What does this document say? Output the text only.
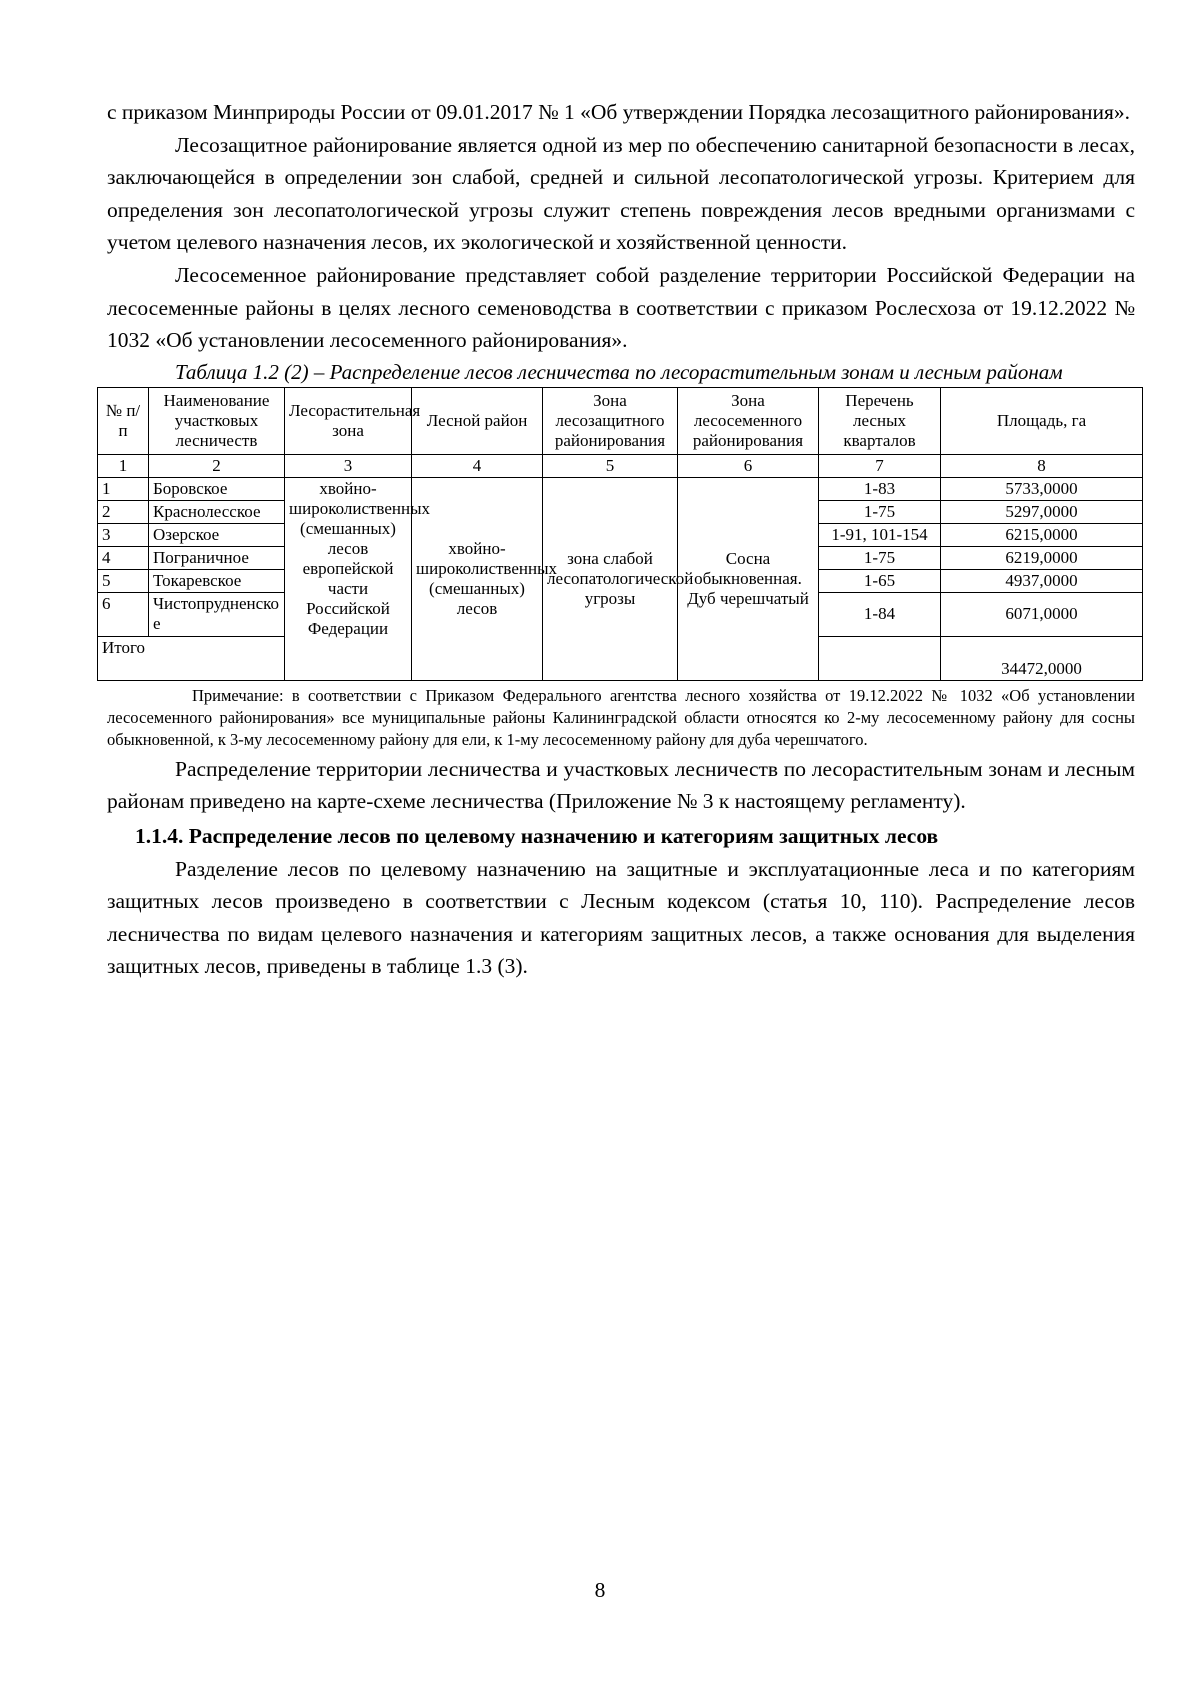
с приказом Минприроды России от 09.01.2017 № 1 «Об утверждении Порядка лесозащитного районирования».

Лесозащитное районирование является одной из мер по обеспечению санитарной безопасности в лесах, заключающейся в определении зон слабой, средней и сильной лесопатологической угрозы. Критерием для определения зон лесопатологической угрозы служит степень повреждения лесов вредными организмами с учетом целевого назначения лесов, их экологической и хозяйственной ценности.

Лесосеменное районирование представляет собой разделение территории Российской Федерации на лесосеменные районы в целях лесного семеноводства в соответствии с приказом Рослесхоза от 19.12.2022 № 1032 «Об установлении лесосеменного районирования».

Таблица 1.2 (2) – Распределение лесов лесничества по лесорастительным зонам и лесным районам
№ п/п	Наименование участковых лесничеств	Лесорастительная зона	Лесной район	Зона лесозащитного районирования	Зона лесосеменного районирования	Перечень лесных кварталов	Площадь, га
1	2	3	4	5	6	7	8
1	Боровское	хвойно-широколиственных (смешанных) лесов европейской части Российской Федерации	хвойно-широколиственных (смешанных) лесов	зона слабой лесопатологической угрозы	Сосна обыкновенная. Дуб черешчатый	1-83	5733,0000
2	Краснолесское					1-75	5297,0000
3	Озерское					1-91, 101-154	6215,0000
4	Пограничное					1-75	6219,0000
5	Токаревское					1-65	4937,0000
6	Чистопрудненское					1-84	6071,0000
Итого							34472,0000
Примечание: в соответствии с Приказом Федерального агентства лесного хозяйства от 19.12.2022 № 1032 «Об установлении лесосеменного районирования» все муниципальные районы Калининградской области относятся ко 2-му лесосеменному району для сосны обыкновенной, к 3-му лесосеменному району для ели, к 1-му лесосеменному району для дуба черешчатого.

Распределение территории лесничества и участковых лесничеств по лесорастительным зонам и лесным районам приведено на карте-схеме лесничества (Приложение № 3 к настоящему регламенту).

1.1.4. Распределение лесов по целевому назначению и категориям защитных лесов

Разделение лесов по целевому назначению на защитные и эксплуатационные леса и по категориям защитных лесов произведено в соответствии с Лесным кодексом (статья 10, 110). Распределение лесов лесничества по видам целевого назначения и категориям защитных лесов, а также основания для выделения защитных лесов, приведены в таблице 1.3 (3).

8
